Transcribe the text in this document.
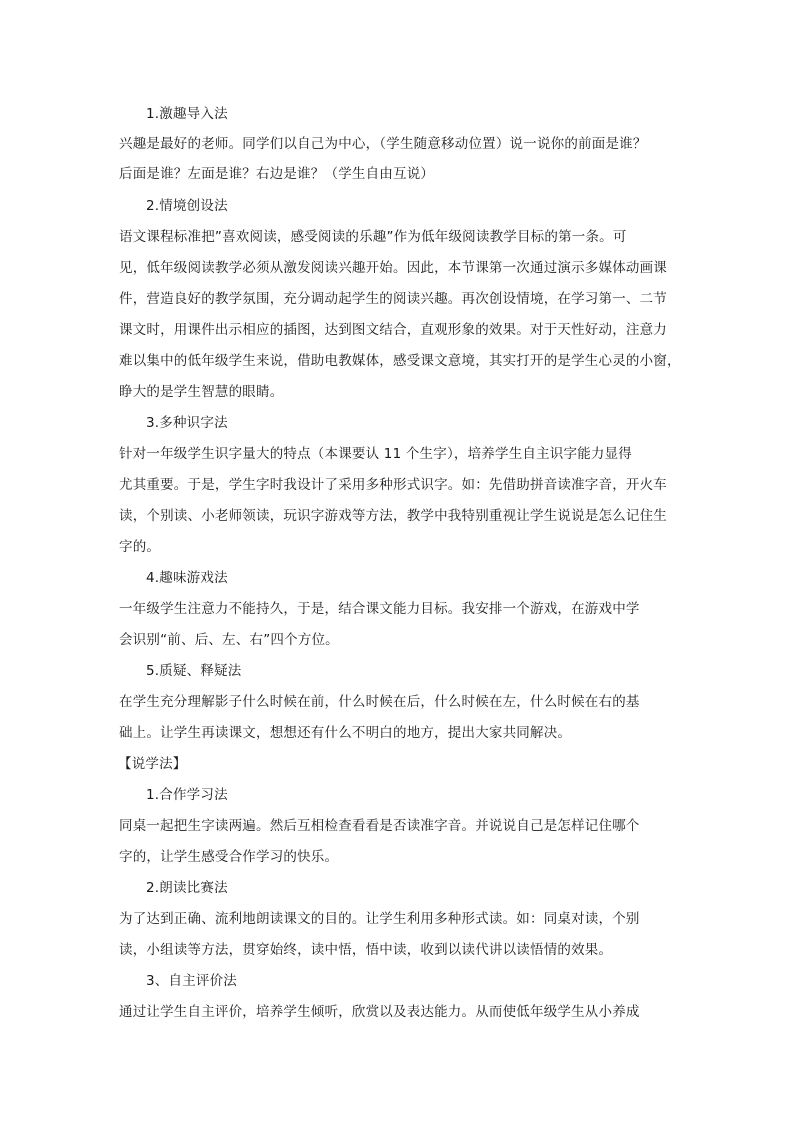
1.激趣导入法
兴趣是最好的老师。同学们以自己为中心，（学生随意移动位置）说一说你的前面是谁？
后面是谁？左面是谁？右边是谁？（学生自由互说）
2.情境创设法
语文课程标准把”喜欢阅读，感受阅读的乐趣”作为低年级阅读教学目标的第一条。可
见，低年级阅读教学必须从激发阅读兴趣开始。因此，本节课第一次通过演示多媒体动画课
件，营造良好的教学氛围，充分调动起学生的阅读兴趣。再次创设情境，在学习第一、二节
课文时，用课件出示相应的插图，达到图文结合，直观形象的效果。对于天性好动，注意力
难以集中的低年级学生来说，借助电教媒体，感受课文意境，其实打开的是学生心灵的小窗，
睁大的是学生智慧的眼睛。
3.多种识字法
针对一年级学生识字量大的特点（本课要认 11 个生字），培养学生自主识字能力显得
尤其重要。于是，学生字时我设计了采用多种形式识字。如：先借助拼音读准字音，开火车
读，个别读、小老师领读，玩识字游戏等方法，教学中我特别重视让学生说说是怎么记住生
字的。
4.趣味游戏法
一年级学生注意力不能持久，于是，结合课文能力目标。我安排一个游戏，在游戏中学
会识别“前、后、左、右”四个方位。
5.质疑、释疑法
在学生充分理解影子什么时候在前，什么时候在后，什么时候在左，什么时候在右的基
础上。让学生再读课文，想想还有什么不明白的地方，提出大家共同解决。
【说学法】
1.合作学习法
同桌一起把生字读两遍。然后互相检查看看是否读准字音。并说说自己是怎样记住哪个
字的，让学生感受合作学习的快乐。
2.朗读比赛法
为了达到正确、流利地朗读课文的目的。让学生利用多种形式读。如：同桌对读，个别
读，小组读等方法，贯穿始终，读中悟，悟中读，收到以读代讲以读悟情的效果。
3、自主评价法
通过让学生自主评价，培养学生倾听，欣赏以及表达能力。从而使低年级学生从小养成
